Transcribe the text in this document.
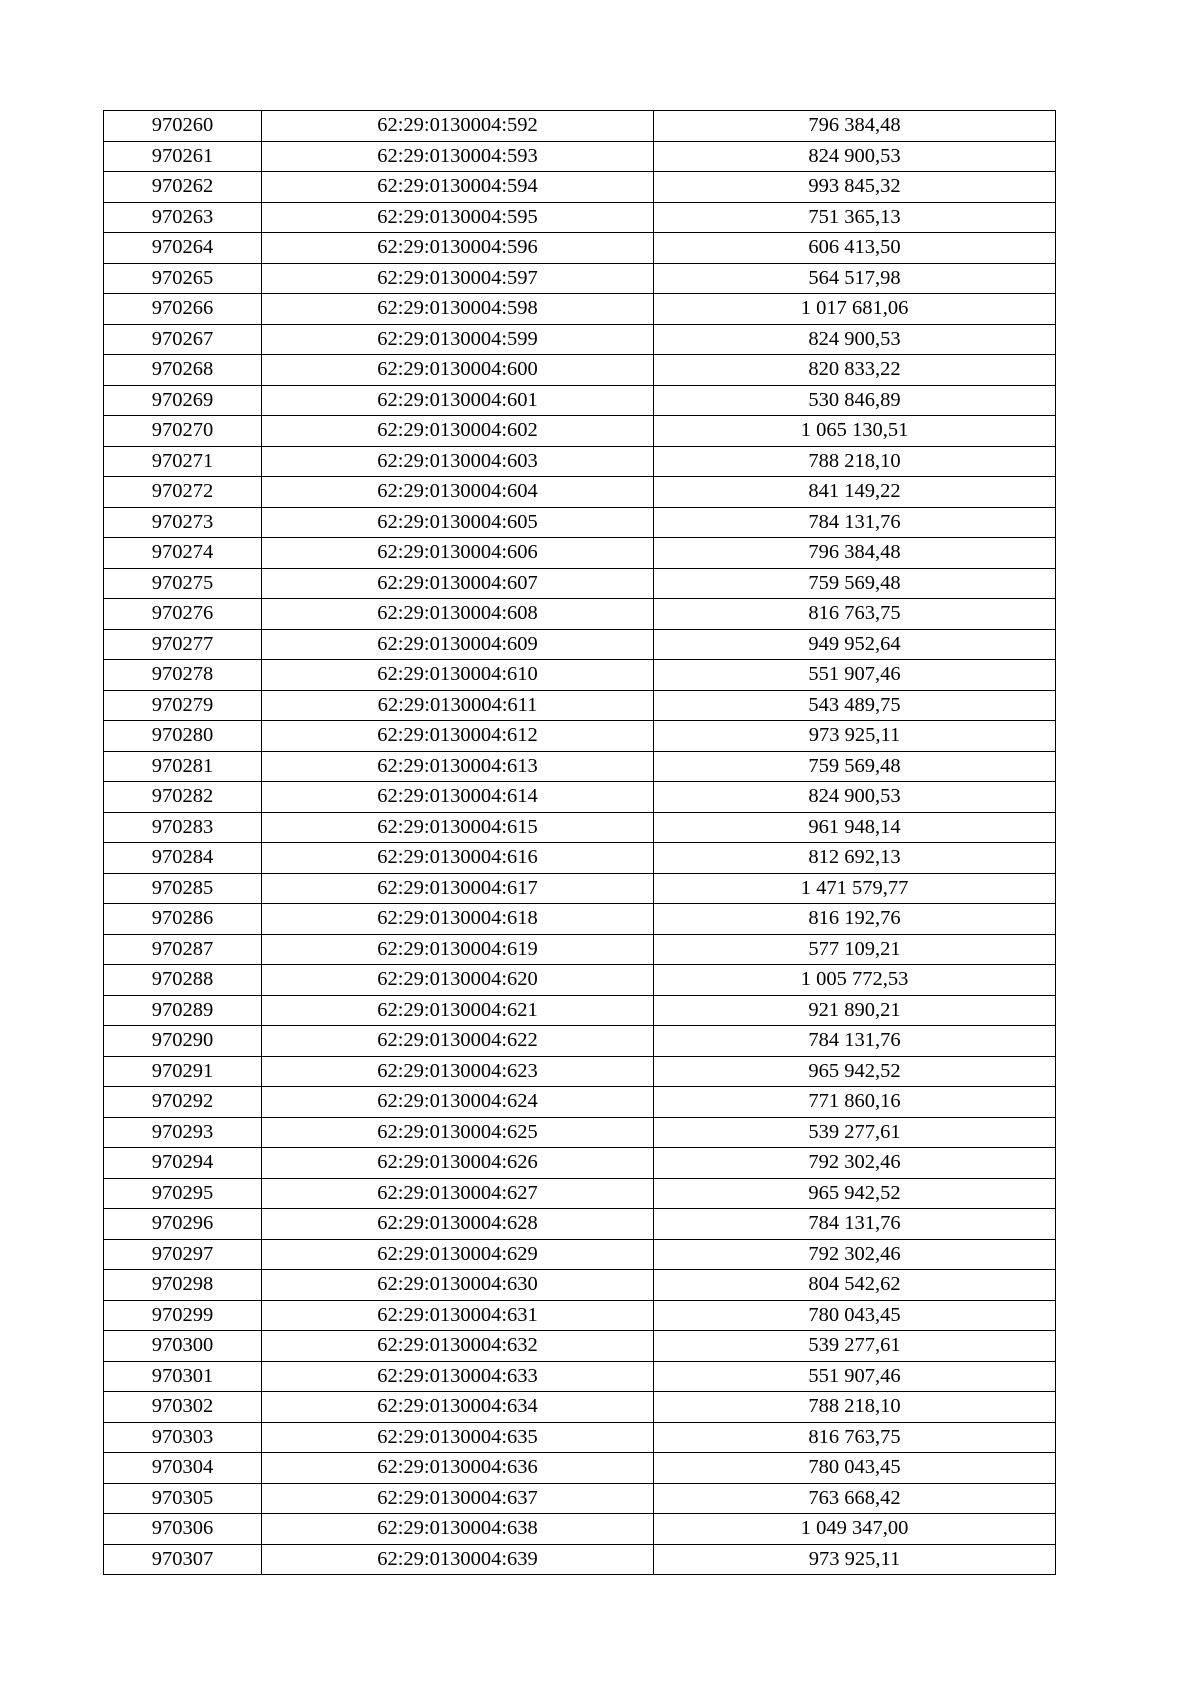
970260	62:29:0130004:592	796 384,48
970261	62:29:0130004:593	824 900,53
970262	62:29:0130004:594	993 845,32
970263	62:29:0130004:595	751 365,13
970264	62:29:0130004:596	606 413,50
970265	62:29:0130004:597	564 517,98
970266	62:29:0130004:598	1 017 681,06
970267	62:29:0130004:599	824 900,53
970268	62:29:0130004:600	820 833,22
970269	62:29:0130004:601	530 846,89
970270	62:29:0130004:602	1 065 130,51
970271	62:29:0130004:603	788 218,10
970272	62:29:0130004:604	841 149,22
970273	62:29:0130004:605	784 131,76
970274	62:29:0130004:606	796 384,48
970275	62:29:0130004:607	759 569,48
970276	62:29:0130004:608	816 763,75
970277	62:29:0130004:609	949 952,64
970278	62:29:0130004:610	551 907,46
970279	62:29:0130004:611	543 489,75
970280	62:29:0130004:612	973 925,11
970281	62:29:0130004:613	759 569,48
970282	62:29:0130004:614	824 900,53
970283	62:29:0130004:615	961 948,14
970284	62:29:0130004:616	812 692,13
970285	62:29:0130004:617	1 471 579,77
970286	62:29:0130004:618	816 192,76
970287	62:29:0130004:619	577 109,21
970288	62:29:0130004:620	1 005 772,53
970289	62:29:0130004:621	921 890,21
970290	62:29:0130004:622	784 131,76
970291	62:29:0130004:623	965 942,52
970292	62:29:0130004:624	771 860,16
970293	62:29:0130004:625	539 277,61
970294	62:29:0130004:626	792 302,46
970295	62:29:0130004:627	965 942,52
970296	62:29:0130004:628	784 131,76
970297	62:29:0130004:629	792 302,46
970298	62:29:0130004:630	804 542,62
970299	62:29:0130004:631	780 043,45
970300	62:29:0130004:632	539 277,61
970301	62:29:0130004:633	551 907,46
970302	62:29:0130004:634	788 218,10
970303	62:29:0130004:635	816 763,75
970304	62:29:0130004:636	780 043,45
970305	62:29:0130004:637	763 668,42
970306	62:29:0130004:638	1 049 347,00
970307	62:29:0130004:639	973 925,11
